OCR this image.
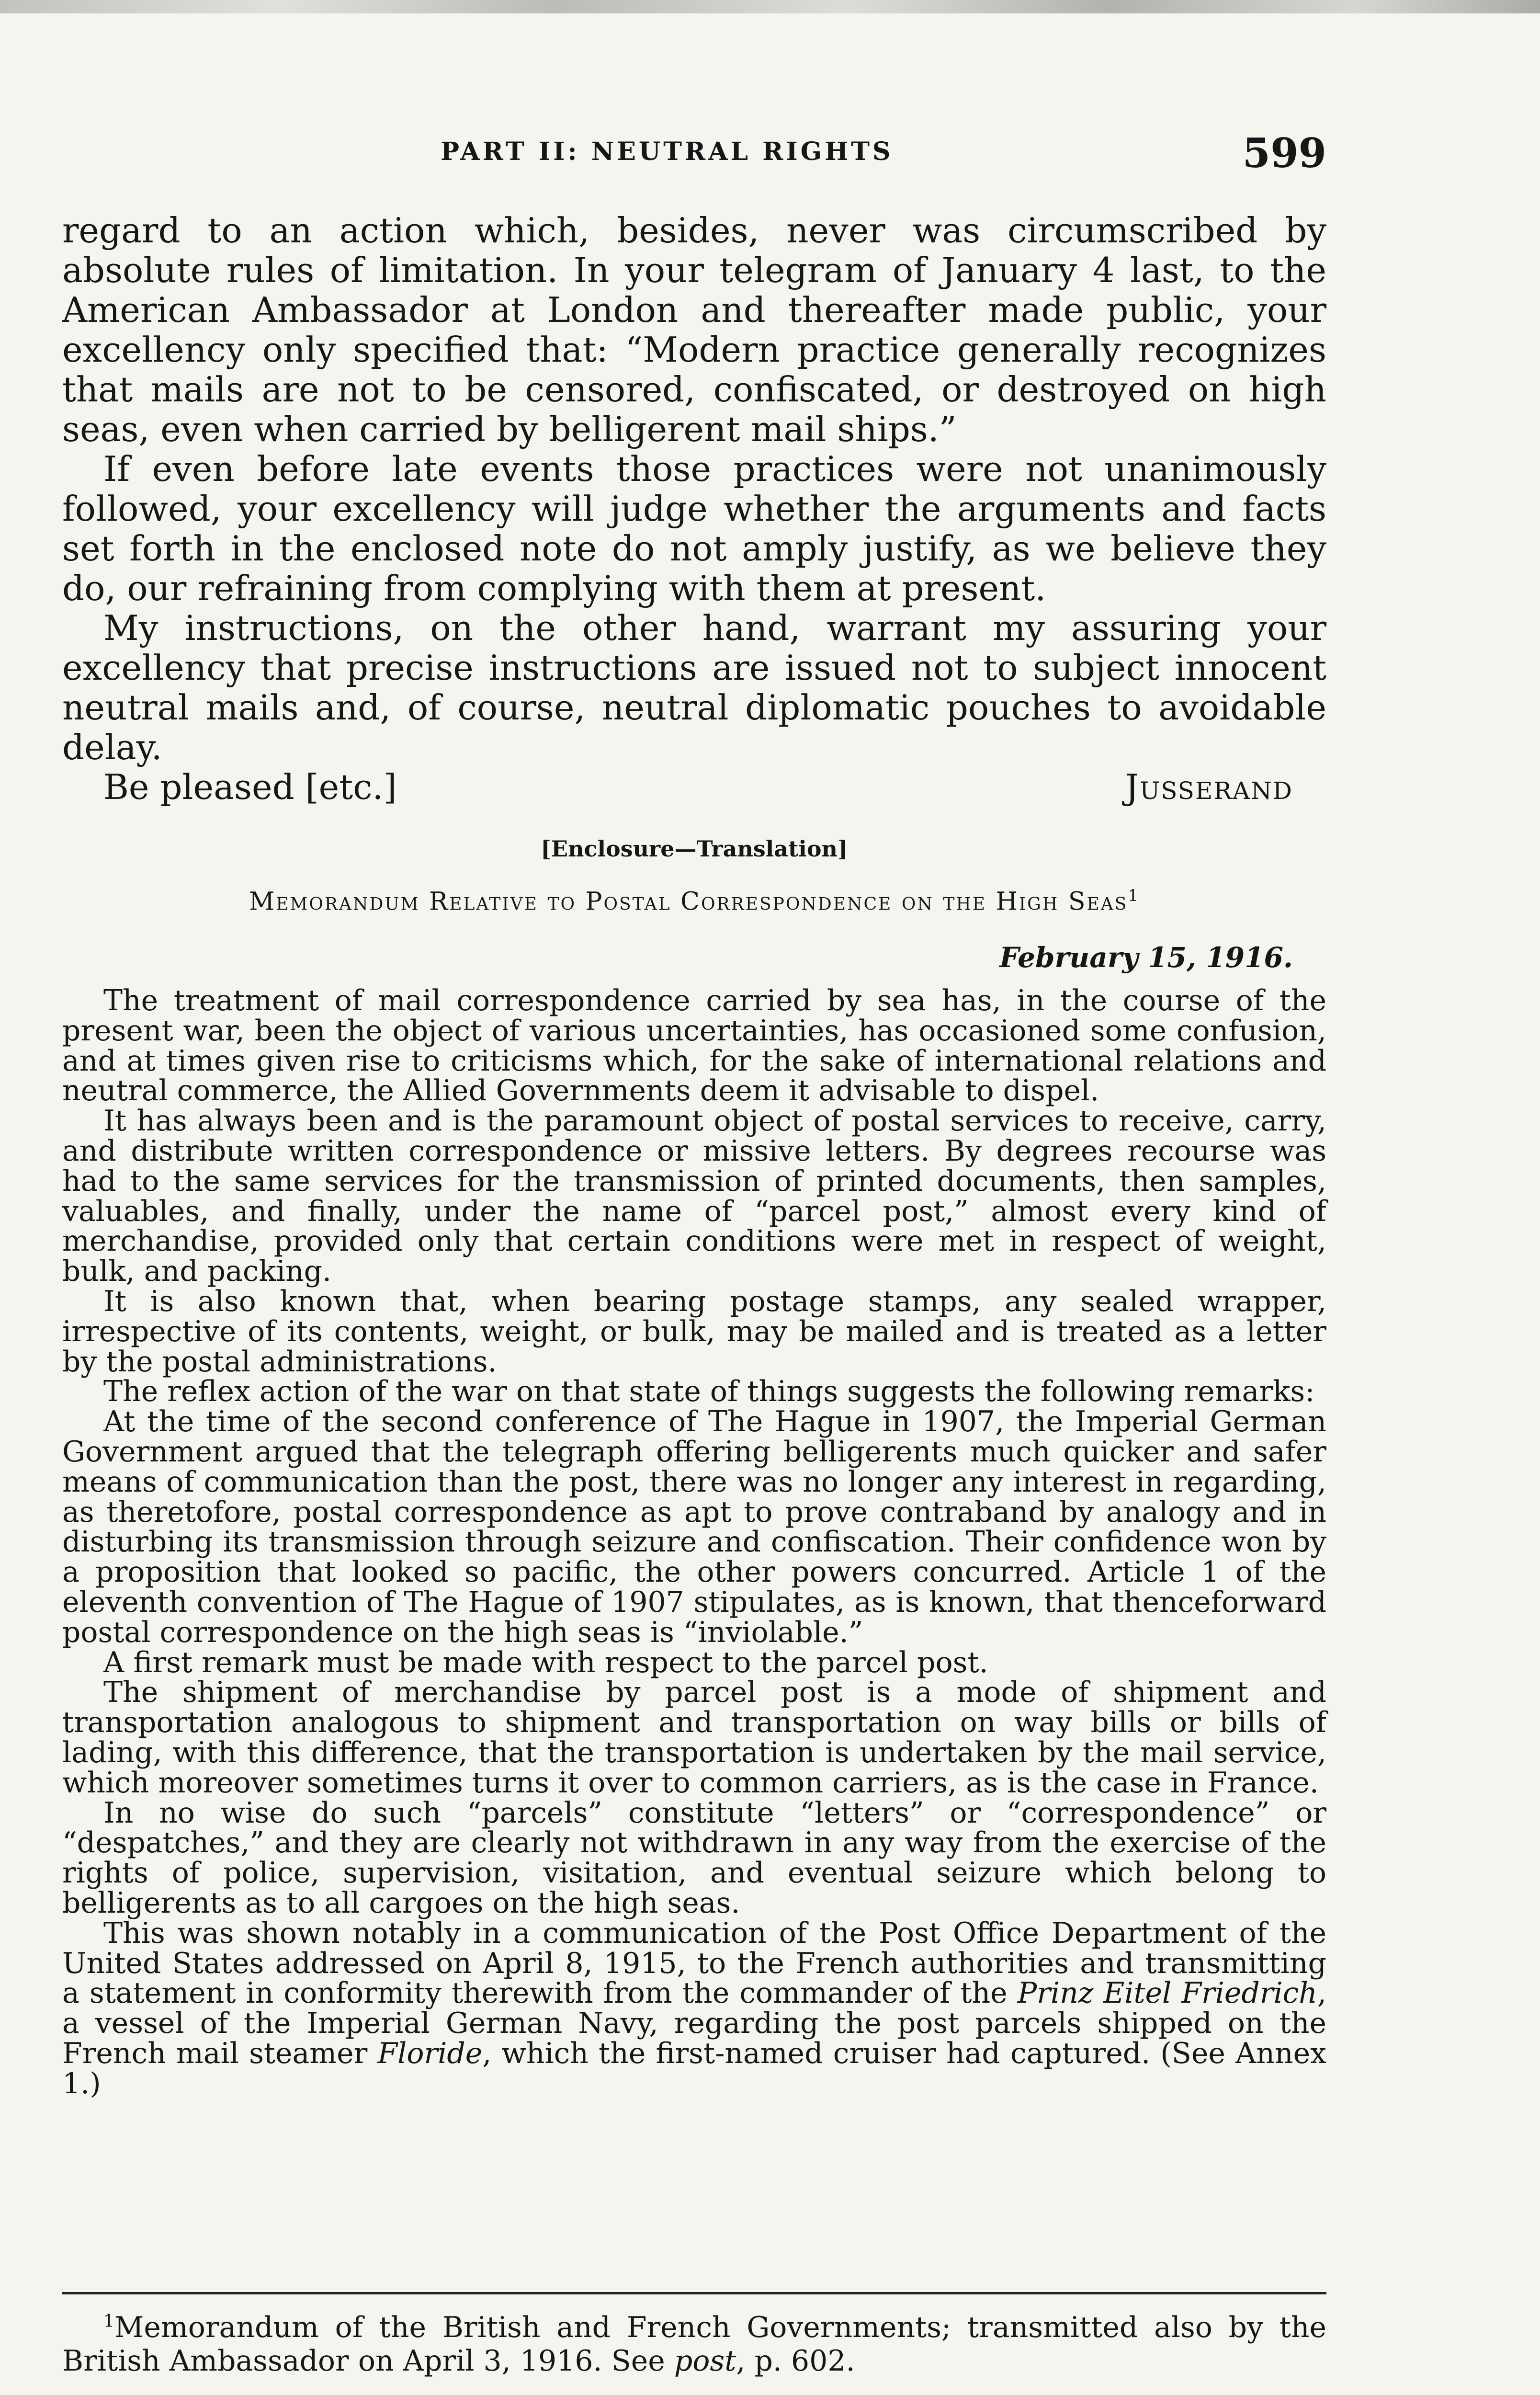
PART II: NEUTRAL RIGHTS	599

regard to an action which, besides, never was circumscribed by absolute rules of limitation. In your telegram of January 4 last, to the American Ambassador at London and thereafter made public, your excellency only specified that: “Modern practice generally recognizes that mails are not to be censored, confiscated, or destroyed on high seas, even when carried by belligerent mail ships.”

If even before late events those practices were not unanimously followed, your excellency will judge whether the arguments and facts set forth in the enclosed note do not amply justify, as we believe they do, our refraining from complying with them at present.

My instructions, on the other hand, warrant my assuring your excellency that precise instructions are issued not to subject innocent neutral mails and, of course, neutral diplomatic pouches to avoidable delay.

Be pleased [etc.]	Jusserand
[Enclosure—Translation]
Memorandum Relative to Postal Correspondence on the High Seas$^1$
February 15, 1916.

The treatment of mail correspondence carried by sea has, in the course of the present war, been the object of various uncertainties, has occasioned some confusion, and at times given rise to criticisms which, for the sake of international relations and neutral commerce, the Allied Governments deem it advisable to dispel.

It has always been and is the paramount object of postal services to receive, carry, and distribute written correspondence or missive letters. By degrees recourse was had to the same services for the transmission of printed documents, then samples, valuables, and finally, under the name of “parcel post,” almost every kind of merchandise, provided only that certain conditions were met in respect of weight, bulk, and packing.

It is also known that, when bearing postage stamps, any sealed wrapper, irrespective of its contents, weight, or bulk, may be mailed and is treated as a letter by the postal administrations.

The reflex action of the war on that state of things suggests the following remarks:

At the time of the second conference of The Hague in 1907, the Imperial German Government argued that the telegraph offering belligerents much quicker and safer means of communication than the post, there was no longer any interest in regarding, as theretofore, postal correspondence as apt to prove contraband by analogy and in disturbing its transmission through seizure and confiscation. Their confidence won by a proposition that looked so pacific, the other powers concurred. Article 1 of the eleventh convention of The Hague of 1907 stipulates, as is known, that thenceforward postal correspondence on the high seas is “inviolable.”

A first remark must be made with respect to the parcel post.

The shipment of merchandise by parcel post is a mode of shipment and transportation analogous to shipment and transportation on way bills or bills of lading, with this difference, that the transportation is undertaken by the mail service, which moreover sometimes turns it over to common carriers, as is the case in France.

In no wise do such “parcels” constitute “letters” or “correspondence” or “despatches,” and they are clearly not withdrawn in any way from the exercise of the rights of police, supervision, visitation, and eventual seizure which belong to belligerents as to all cargoes on the high seas.

This was shown notably in a communication of the Post Office Department of the United States addressed on April 8, 1915, to the French authorities and transmitting a statement in conformity therewith from the commander of the Prinz Eitel Friedrich, a vessel of the Imperial German Navy, regarding the post parcels shipped on the French mail steamer Floride, which the first-named cruiser had captured. (See Annex 1.)

$^1$Memorandum of the British and French Governments; transmitted also by the British Ambassador on April 3, 1916. See post, p. 602.
